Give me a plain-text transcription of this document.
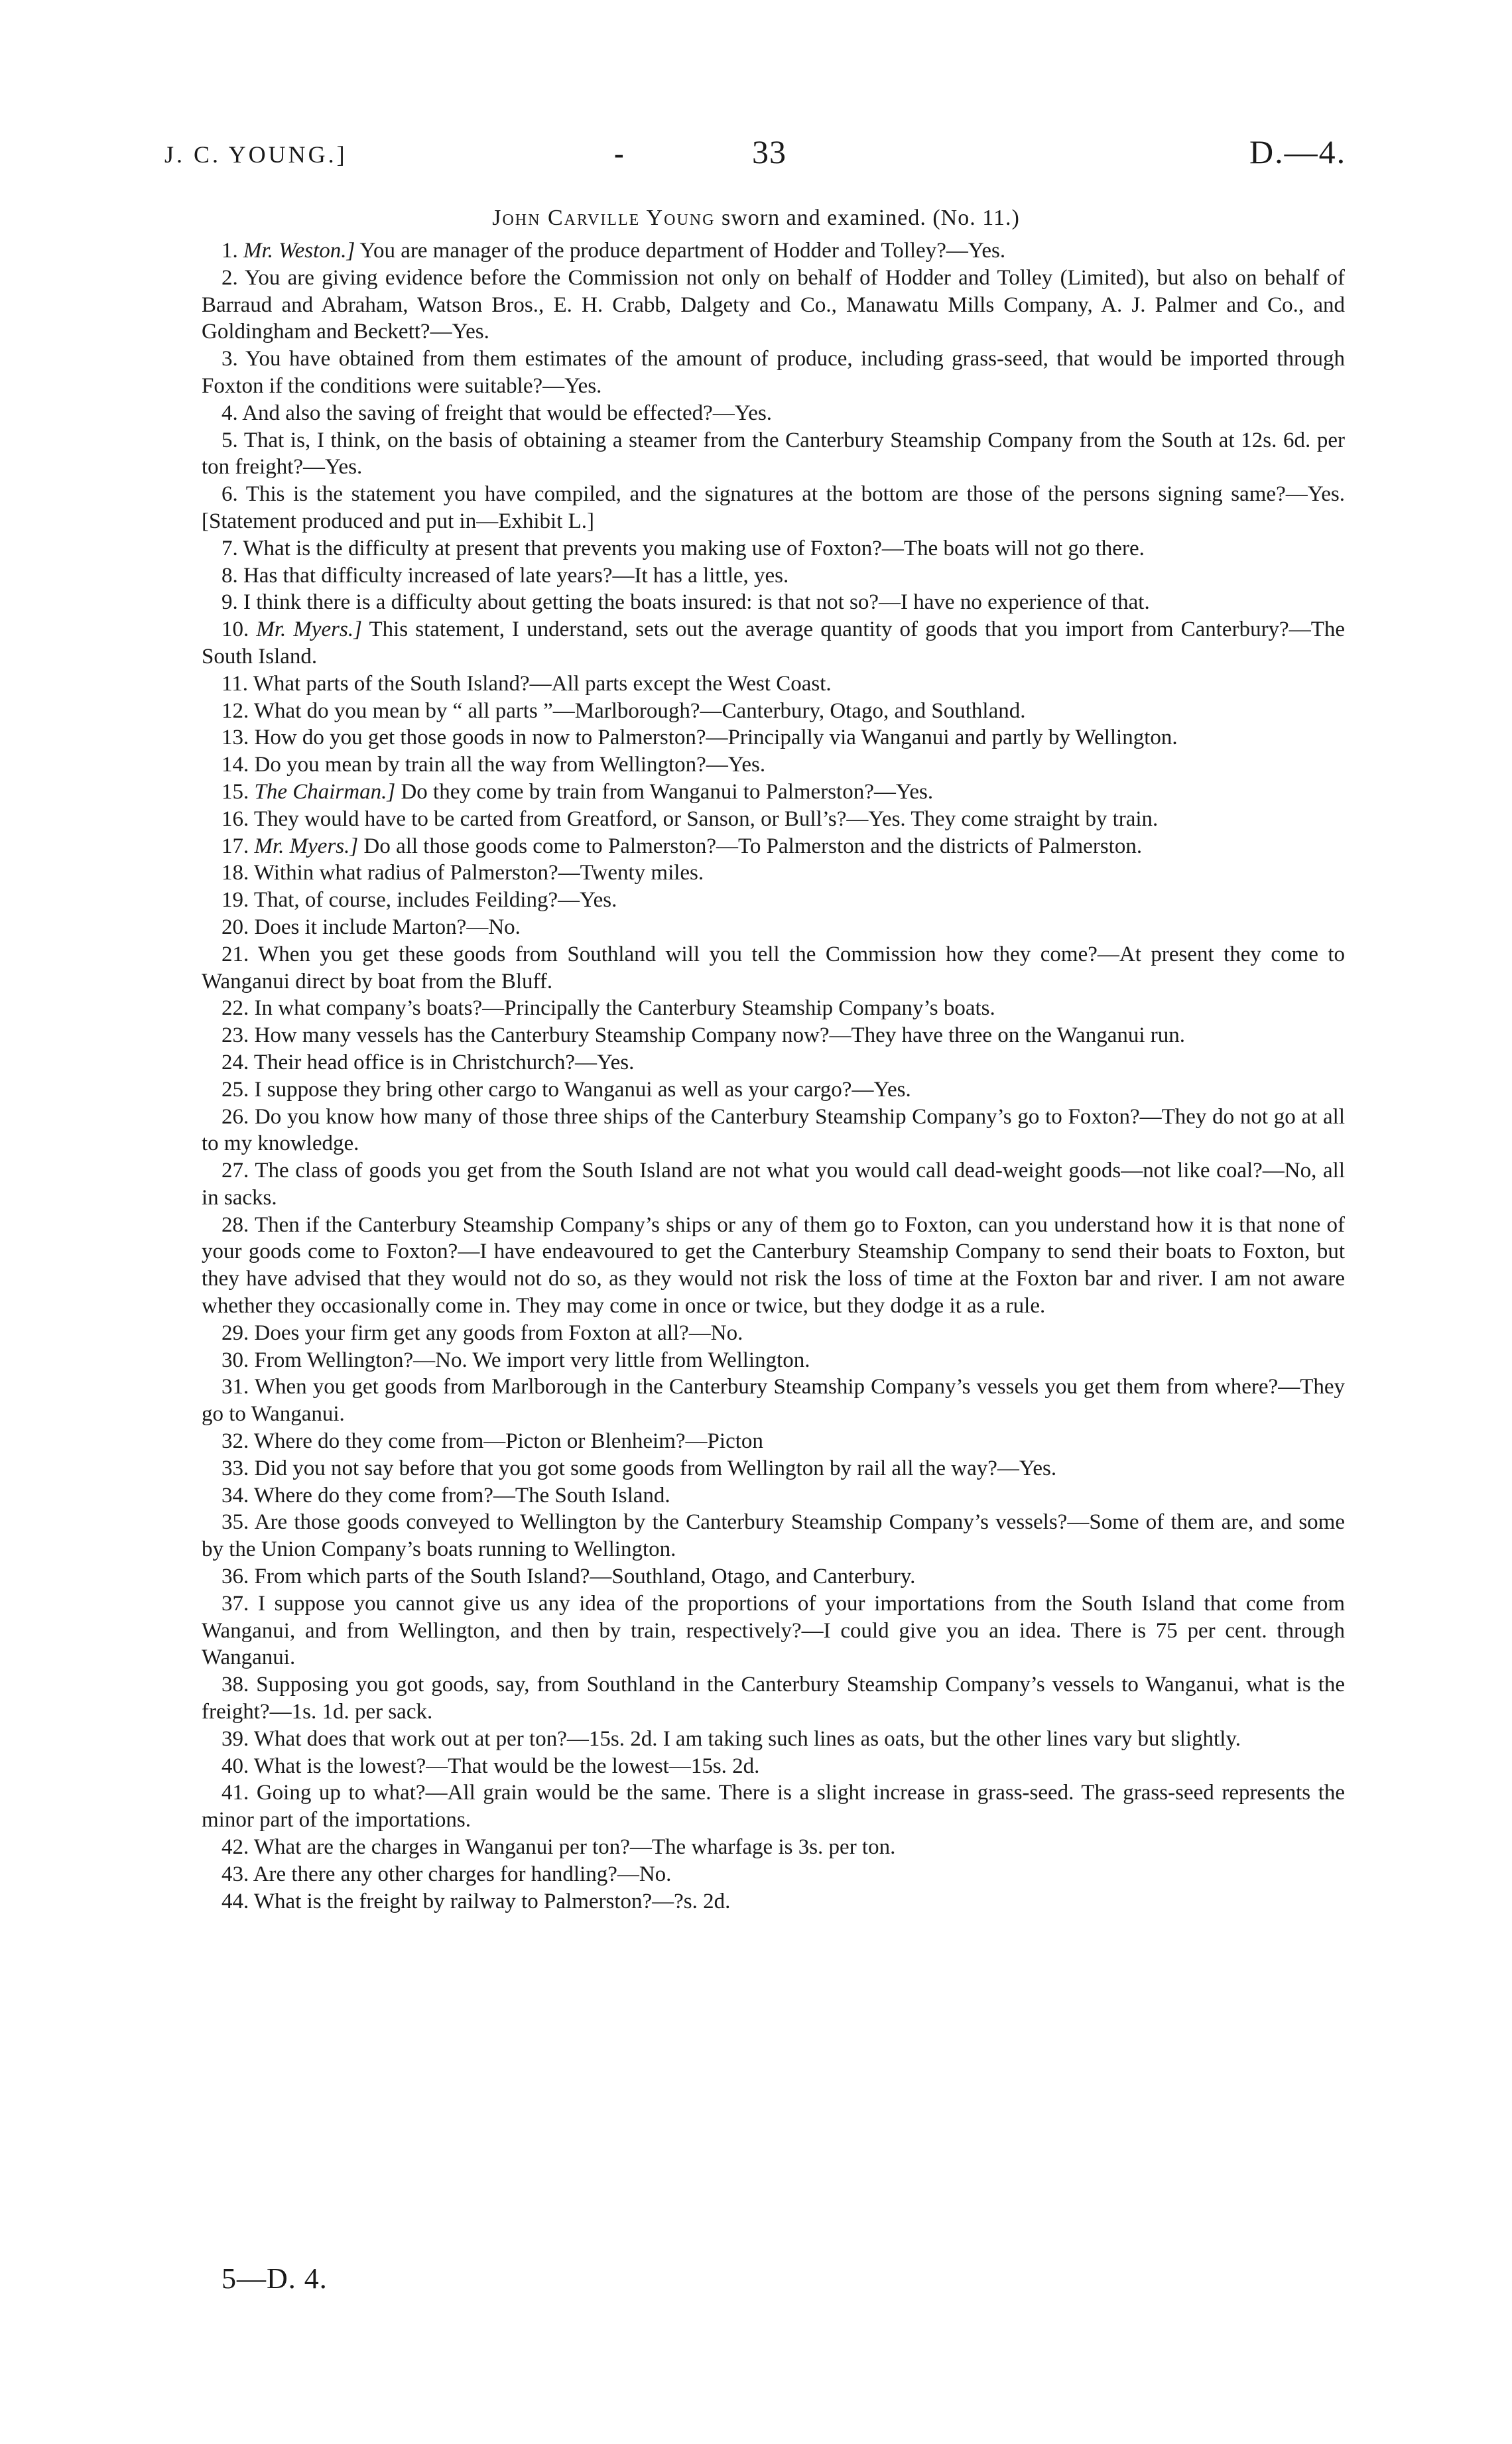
J. C. YOUNG.]	-	33	D.—4.
John Carville Young sworn and examined. (No. 11.)

1. Mr. Weston.] You are manager of the produce department of Hodder and Tolley?—Yes.

2. You are giving evidence before the Commission not only on behalf of Hodder and Tolley (Limited), but also on behalf of Barraud and Abraham, Watson Bros., E. H. Crabb, Dalgety and Co., Manawatu Mills Company, A. J. Palmer and Co., and Goldingham and Beckett?—Yes.

3. You have obtained from them estimates of the amount of produce, including grass-seed, that would be imported through Foxton if the conditions were suitable?—Yes.

4. And also the saving of freight that would be effected?—Yes.

5. That is, I think, on the basis of obtaining a steamer from the Canterbury Steamship Company from the South at 12s. 6d. per ton freight?—Yes.

6. This is the statement you have compiled, and the signatures at the bottom are those of the persons signing same?—Yes. [Statement produced and put in—Exhibit L.]

7. What is the difficulty at present that prevents you making use of Foxton?—The boats will not go there.

8. Has that difficulty increased of late years?—It has a little, yes.

9. I think there is a difficulty about getting the boats insured: is that not so?—I have no experience of that.

10. Mr. Myers.] This statement, I understand, sets out the average quantity of goods that you import from Canterbury?—The South Island.

11. What parts of the South Island?—All parts except the West Coast.

12. What do you mean by “ all parts ”—Marlborough?—Canterbury, Otago, and Southland.

13. How do you get those goods in now to Palmerston?—Principally via Wanganui and partly by Wellington.

14. Do you mean by train all the way from Wellington?—Yes.

15. The Chairman.] Do they come by train from Wanganui to Palmerston?—Yes.

16. They would have to be carted from Greatford, or Sanson, or Bull’s?—Yes. They come straight by train.

17. Mr. Myers.] Do all those goods come to Palmerston?—To Palmerston and the districts of Palmerston.

18. Within what radius of Palmerston?—Twenty miles.

19. That, of course, includes Feilding?—Yes.

20. Does it include Marton?—No.

21. When you get these goods from Southland will you tell the Commission how they come?—At present they come to Wanganui direct by boat from the Bluff.

22. In what company’s boats?—Principally the Canterbury Steamship Company’s boats.

23. How many vessels has the Canterbury Steamship Company now?—They have three on the Wanganui run.

24. Their head office is in Christchurch?—Yes.

25. I suppose they bring other cargo to Wanganui as well as your cargo?—Yes.

26. Do you know how many of those three ships of the Canterbury Steamship Company’s go to Foxton?—They do not go at all to my knowledge.

27. The class of goods you get from the South Island are not what you would call dead-weight goods—not like coal?—No, all in sacks.

28. Then if the Canterbury Steamship Company’s ships or any of them go to Foxton, can you understand how it is that none of your goods come to Foxton?—I have endeavoured to get the Canterbury Steamship Company to send their boats to Foxton, but they have advised that they would not do so, as they would not risk the loss of time at the Foxton bar and river. I am not aware whether they occasionally come in. They may come in once or twice, but they dodge it as a rule.

29. Does your firm get any goods from Foxton at all?—No.

30. From Wellington?—No. We import very little from Wellington.

31. When you get goods from Marlborough in the Canterbury Steamship Company’s vessels you get them from where?—They go to Wanganui.

32. Where do they come from—Picton or Blenheim?—Picton

33. Did you not say before that you got some goods from Wellington by rail all the way?—Yes.

34. Where do they come from?—The South Island.

35. Are those goods conveyed to Wellington by the Canterbury Steamship Company’s vessels?—Some of them are, and some by the Union Company’s boats running to Wellington.

36. From which parts of the South Island?—Southland, Otago, and Canterbury.

37. I suppose you cannot give us any idea of the proportions of your importations from the South Island that come from Wanganui, and from Wellington, and then by train, respectively?—I could give you an idea. There is 75 per cent. through Wanganui.

38. Supposing you got goods, say, from Southland in the Canterbury Steamship Company’s vessels to Wanganui, what is the freight?—1s. 1d. per sack.

39. What does that work out at per ton?—15s. 2d. I am taking such lines as oats, but the other lines vary but slightly.

40. What is the lowest?—That would be the lowest—15s. 2d.

41. Going up to what?—All grain would be the same. There is a slight increase in grass-seed. The grass-seed represents the minor part of the importations.

42. What are the charges in Wanganui per ton?—The wharfage is 3s. per ton.

43. Are there any other charges for handling?—No.

44. What is the freight by railway to Palmerston?—?s. 2d.

5—D. 4.
